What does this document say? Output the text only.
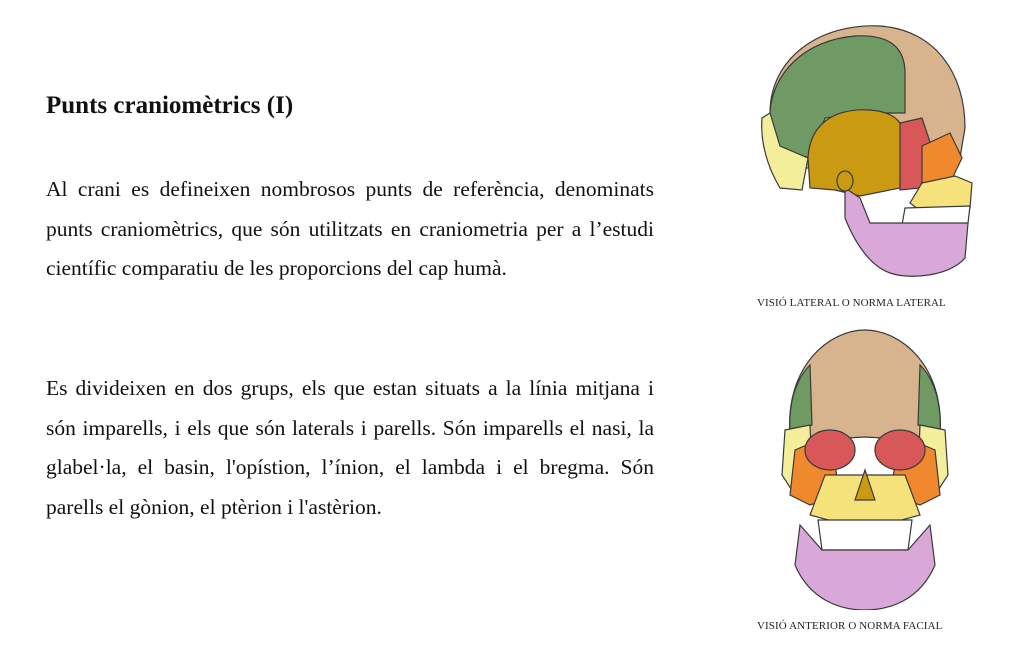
Punts craniomètrics (I)

Al crani es defineixen nombrosos punts de referència, denominats punts craniomètrics, que són utilitzats en craniometria per a l’estudi científic comparatiu de les proporcions del cap humà.

Es divideixen en dos grups, els que estan situats a la línia mitjana i són imparells, i els que són laterals i parells. Són imparells el nasi, la glabel·la, el basin, l'opístion, l’ínion, el lambda i el bregma. Són parells el gònion, el ptèrion i l'astèrion.

VISIÓ LATERAL O NORMA LATERAL
VISIÓ ANTERIOR O NORMA FACIAL
